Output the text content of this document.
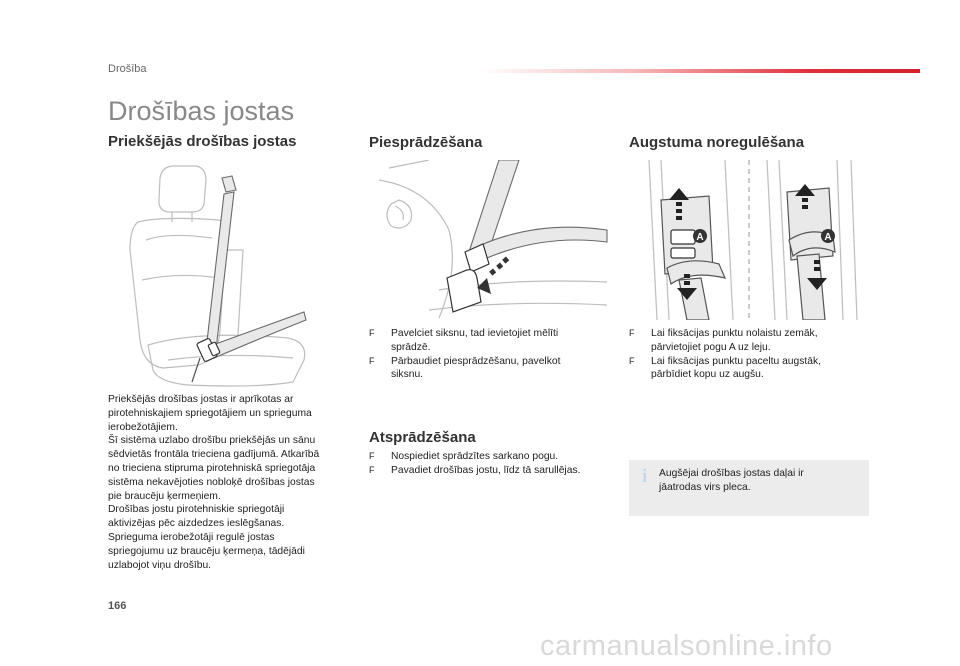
Drošība
Drošības jostas
Priekšējās drošības jostas
Priekšējās drošības jostas ir aprīkotas ar
pirotehniskajiem spriegotājiem un sprieguma
ierobežotājiem.
Šī sistēma uzlabo drošību priekšējās un sānu
sēdvietās frontāla trieciena gadījumā. Atkarībā
no trieciena stipruma pirotehniskā spriegotāja
sistēma nekavējoties nobloķē drošības jostas
pie braucēju ķermeņiem.
Drošības jostu pirotehniskie spriegotāji
aktivizējas pēc aizdedzes ieslēgšanas.
Sprieguma ierobežotāji regulē jostas
spriegojumu uz braucēju ķermeņa, tādējādi
uzlabojot viņu drošību.
Piesprādzēšana
F Pavelciet siksnu, tad ievietojiet mēlīti
sprādzē.
F Pārbaudiet piesprādzēšanu, pavelkot
siksnu.
Atsprādzēšana
F Nospiediet sprādzītes sarkano pogu.
F Pavadiet drošības jostu, līdz tā sarullējas.
Augstuma noregulēšana
A	A
F Lai fiksācijas punktu nolaistu zemāk,
pārvietojiet pogu A uz leju.
F Lai fiksācijas punktu paceltu augstāk,
pārbīdiet kopu uz augšu.
i Augšējai drošības jostas daļai ir
jāatrodas virs pleca.
166
carmanualsonline.info
